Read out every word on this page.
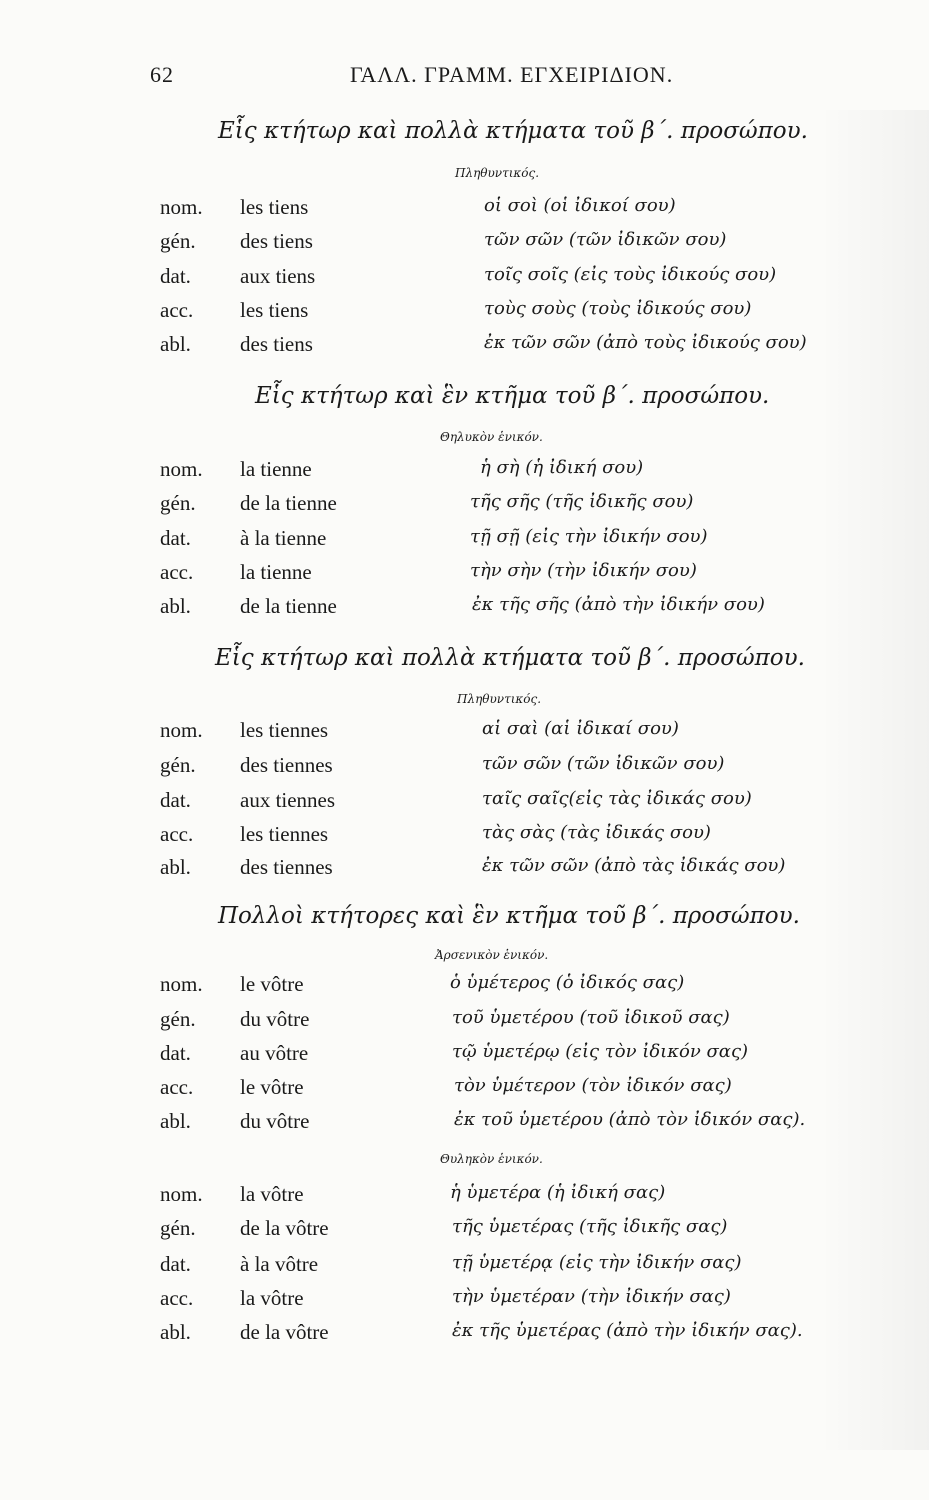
62	ΓΑΛΛ. ΓΡΑΜΜ. ΕΓΧΕΙΡΙΔΙΟΝ.
Εἷς κτήτωρ καὶ πολλὰ κτήματα τοῦ β΄. προσώπου.
Πληθυντικός.
nom. les tiens	οἱ σοὶ (οἱ ἰδικοί σου)
gén. des tiens	τῶν σῶν (τῶν ἰδικῶν σου)
dat. aux tiens	τοῖς σοῖς (εἰς τοὺς ἰδικούς σου)
acc. les tiens	τοὺς σοὺς (τοὺς ἰδικούς σου)
abl. des tiens	ἐκ τῶν σῶν (ἀπὸ τοὺς ἰδικούς σου)
Εἷς κτήτωρ καὶ ἓν κτῆμα τοῦ β΄. προσώπου.
Θηλυκὸν ἑνικόν.
nom. la tienne	ἡ σὴ (ἡ ἰδική σου)
gén. de la tienne	τῆς σῆς (τῆς ἰδικῆς σου)
dat. à la tienne	τῇ σῇ (εἰς τὴν ἰδικήν σου)
acc. la tienne	τὴν σὴν (τὴν ἰδικήν σου)
abl. de la tienne	ἐκ τῆς σῆς (ἀπὸ τὴν ἰδικήν σου)
Εἷς κτήτωρ καὶ πολλὰ κτήματα τοῦ β΄. προσώπου.
Πληθυντικός.
nom. les tiennes	αἱ σαὶ (αἱ ἰδικαί σου)
gén. des tiennes	τῶν σῶν (τῶν ἰδικῶν σου)
dat. aux tiennes	ταῖς σαῖς(εἰς τὰς ἰδικάς σου)
acc. les tiennes	τὰς σὰς (τὰς ἰδικάς σου)
abl. des tiennes	ἐκ τῶν σῶν (ἀπὸ τὰς ἰδικάς σου)
Πολλοὶ κτήτορες καὶ ἓν κτῆμα τοῦ β΄. προσώπου.
Ἀρσενικὸν ἑνικόν.
nom. le vôtre	ὁ ὑμέτερος (ὁ ἰδικός σας)
gén. du vôtre	τοῦ ὑμετέρου (τοῦ ἰδικοῦ σας)
dat. au vôtre	τῷ ὑμετέρῳ (εἰς τὸν ἰδικόν σας)
acc. le vôtre	τὸν ὑμέτερον (τὸν ἰδικόν σας)
abl. du vôtre	ἐκ τοῦ ὑμετέρου (ἀπὸ τὸν ἰδικόν σας).
Θυληκὸν ἑνικόν.
nom. la vôtre	ἡ ὑμετέρα (ἡ ἰδική σας)
gén. de la vôtre	τῆς ὑμετέρας (τῆς ἰδικῆς σας)
dat. à la vôtre	τῇ ὑμετέρᾳ (εἰς τὴν ἰδικήν σας)
acc. la vôtre	τὴν ὑμετέραν (τὴν ἰδικήν σας)
abl. de la vôtre	ἐκ τῆς ὑμετέρας (ἀπὸ τὴν ἰδικήν σας).
